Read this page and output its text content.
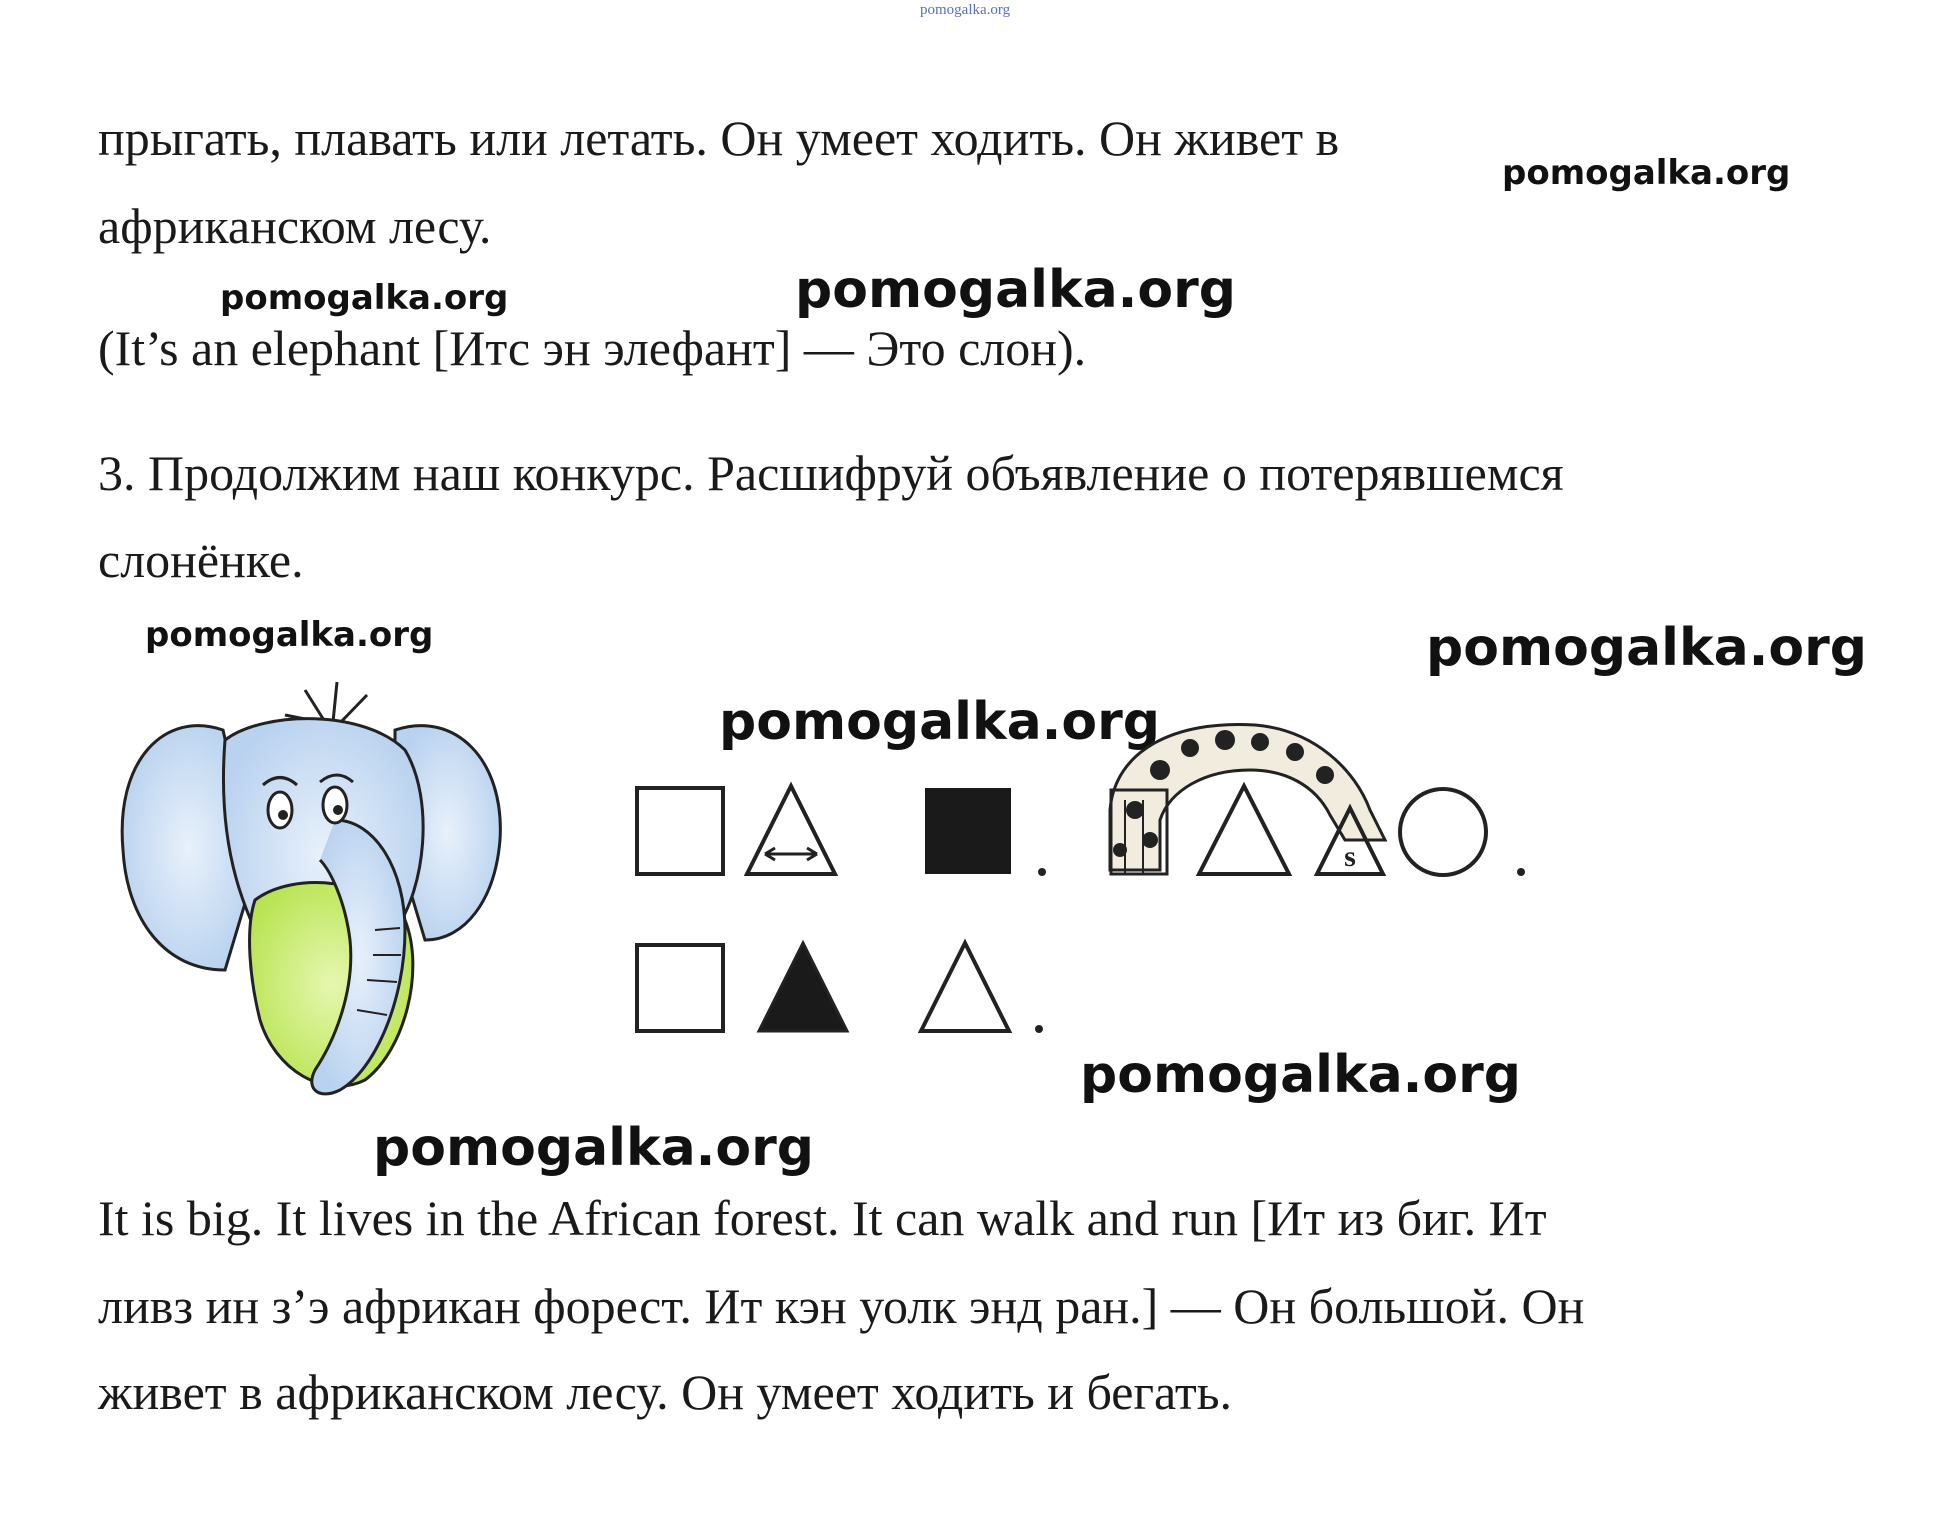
pomogalka.org

прыгать, плавать или летать. Он умеет ходить. Он живет в

африканском лесу.

(It’s an elephant [Итс эн элефант] — Это слон).

3. Продолжим наш конкурс. Расшифруй объявление о потерявшемся

слонёнке.

It is big. It lives in the African forest. It can walk and run [Ит из биг. Ит

ливз ин з’э африкан форест. Ит кэн уолк энд ран.] — Он большой. Он

живет в африканском лесу. Он умеет ходить и бегать.

pomogalka.org
pomogalka.org	pomogalka.org
pomogalka.org	pomogalka.org
pomogalka.org
pomogalka.org
pomogalka.org
s
